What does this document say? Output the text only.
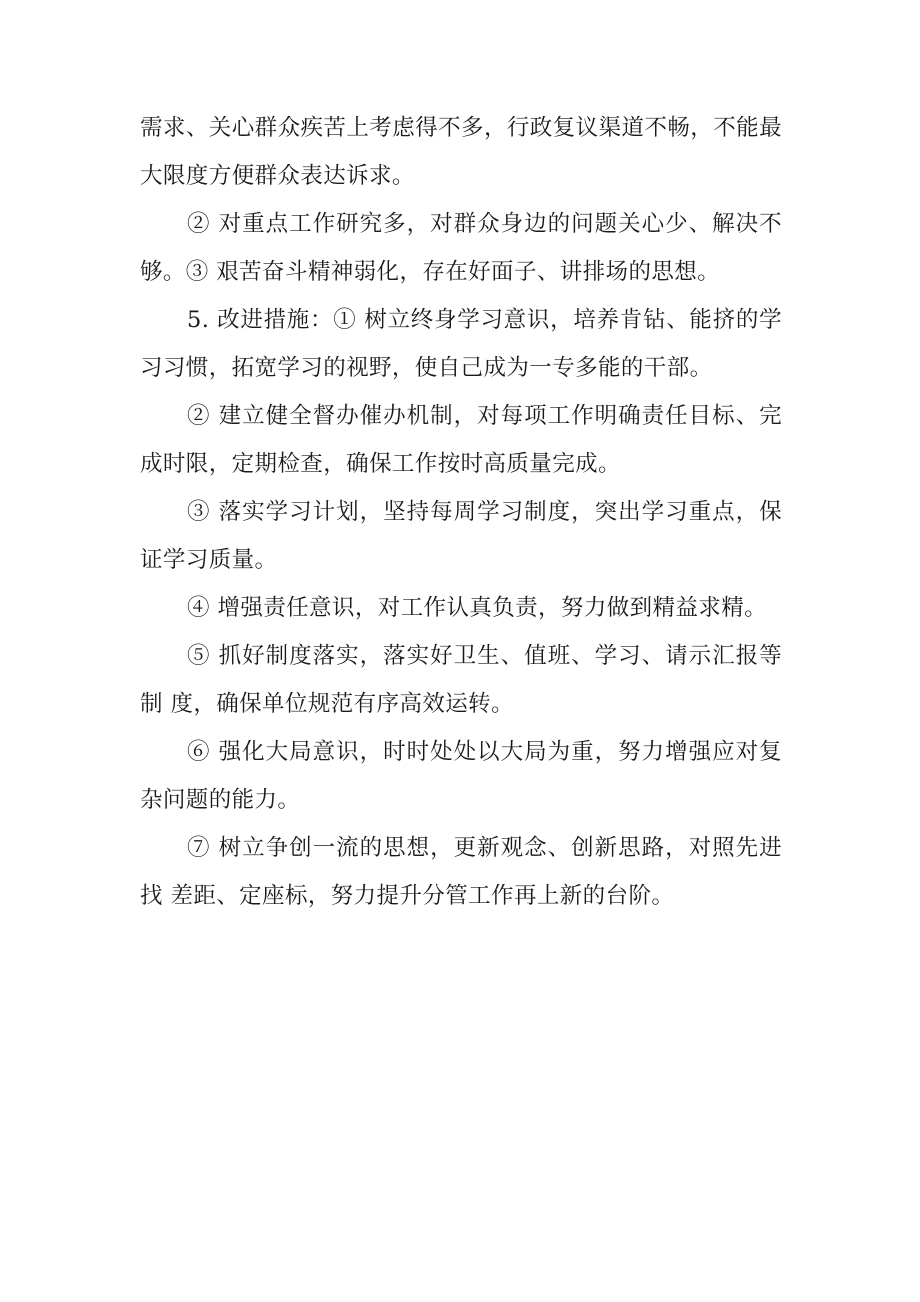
需求、关心群众疾苦上考虑得不多，行政复议渠道不畅，不能最大限度方便群众表达诉求。

② 对重点工作研究多，对群众身边的问题关心少、解决不够。③ 艰苦奋斗精神弱化，存在好面子、讲排场的思想。

5. 改进措施：① 树立终身学习意识，培养肯钻、能挤的学习习惯，拓宽学习的视野，使自己成为一专多能的干部。

② 建立健全督办催办机制，对每项工作明确责任目标、完成时限，定期检查，确保工作按时高质量完成。

③ 落实学习计划，坚持每周学习制度，突出学习重点，保证学习质量。

④ 增强责任意识，对工作认真负责，努力做到精益求精。

⑤ 抓好制度落实，落实好卫生、值班、学习、请示汇报等制 度，确保单位规范有序高效运转。

⑥ 强化大局意识，时时处处以大局为重，努力增强应对复杂问题的能力。

⑦ 树立争创一流的思想，更新观念、创新思路，对照先进找 差距、定座标，努力提升分管工作再上新的台阶。
